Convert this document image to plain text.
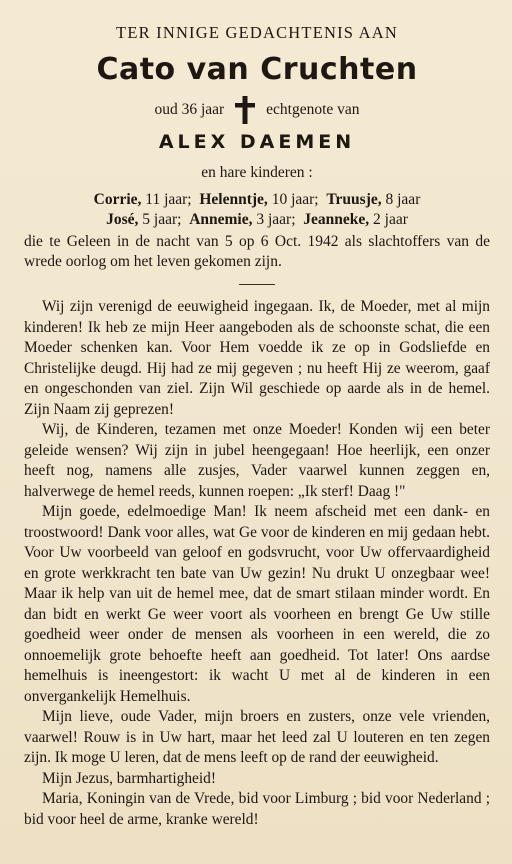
TER INNIGE GEDACHTENIS AAN
Cato van Cruchten
oud 36 jaar	echtgenote van
ALEX DAEMEN
en hare kinderen :
Corrie, 11 jaar; Helenntje, 10 jaar; Truusje, 8 jaar
José, 5 jaar; Annemie, 3 jaar; Jeanneke, 2 jaar
die te Geleen in de nacht van 5 op 6 Oct. 1942 als slachtoffers van de wrede oorlog om het leven gekomen zijn.

Wij zijn verenigd de eeuwigheid ingegaan. Ik, de Moeder, met al mijn kinderen! Ik heb ze mijn Heer aangeboden als de schoonste schat, die een Moeder schenken kan. Voor Hem voedde ik ze op in Godsliefde en Christelijke deugd. Hij had ze mij gegeven ; nu heeft Hij ze weerom, gaaf en ongeschonden van ziel. Zijn Wil geschiede op aarde als in de hemel. Zijn Naam zij geprezen!

Wij, de Kinderen, tezamen met onze Moeder! Konden wij een beter geleide wensen? Wij zijn in jubel heengegaan! Hoe heerlijk, een onzer heeft nog, namens alle zusjes, Vader vaarwel kunnen zeggen en, halverwege de hemel reeds, kunnen roepen: „Ik sterf! Daag !"

Mijn goede, edelmoedige Man! Ik neem afscheid met een dank- en troostwoord! Dank voor alles, wat Ge voor de kinderen en mij gedaan hebt. Voor Uw voorbeeld van geloof en godsvrucht, voor Uw offervaardigheid en grote werkkracht ten bate van Uw gezin! Nu drukt U onzegbaar wee! Maar ik help van uit de hemel mee, dat de smart stilaan minder wordt. En dan bidt en werkt Ge weer voort als voorheen en brengt Ge Uw stille goedheid weer onder de mensen als voorheen in een wereld, die zo onnoemelijk grote behoefte heeft aan goedheid. Tot later! Ons aardse hemelhuis is ineengestort: ik wacht U met al de kinderen in een onvergankelijk Hemelhuis.

Mijn lieve, oude Vader, mijn broers en zusters, onze vele vrienden, vaarwel! Rouw is in Uw hart, maar het leed zal U louteren en ten zegen zijn. Ik moge U leren, dat de mens leeft op de rand der eeuwigheid.

Mijn Jezus, barmhartigheid!

Maria, Koningin van de Vrede, bid voor Limburg ; bid voor Nederland ; bid voor heel de arme, kranke wereld!
